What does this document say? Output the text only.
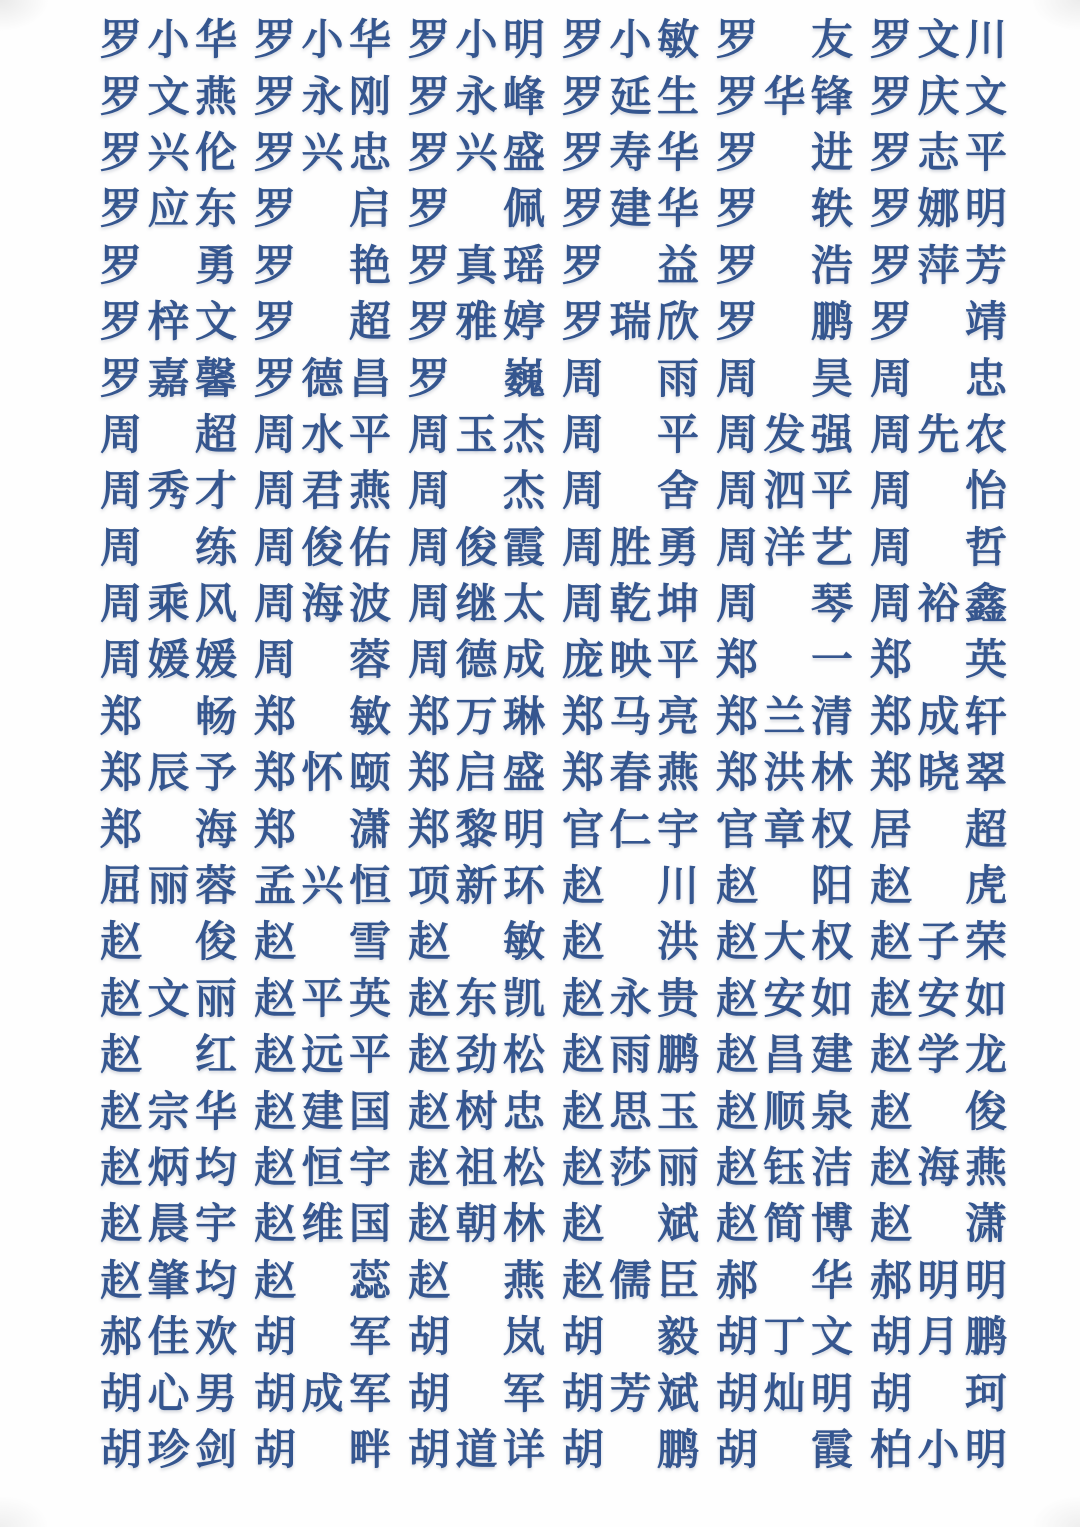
罗 小 华 罗 小 华 罗 小 明 罗 小 敏 罗 友 罗 文 川
罗 文 燕 罗 永 刚 罗 永 峰 罗 延 生 罗 华 锋 罗 庆 文
罗 兴 伦 罗 兴 忠 罗 兴 盛 罗 寿 华 罗 进 罗 志 平
罗 应 东 罗 启 罗 佩 罗 建 华 罗 轶 罗 娜 明
罗 勇 罗 艳 罗 真 瑶 罗 益 罗 浩 罗 萍 芳
罗 梓 文 罗 超 罗 雅 婷 罗 瑞 欣 罗 鹏 罗 靖
罗 嘉 馨 罗 德 昌 罗 巍 周 雨 周 昊 周 忠
周 超 周 水 平 周 玉 杰 周 平 周 发 强 周 先 农
周 秀 才 周 君 燕 周 杰 周 舍 周 泗 平 周 怡
周 练 周 俊 佑 周 俊 霞 周 胜 勇 周 洋 艺 周 哲
周 乘 风 周 海 波 周 继 太 周 乾 坤 周 琴 周 裕 鑫
周 媛 媛 周 蓉 周 德 成 庞 映 平 郑 一 郑 英
郑 畅 郑 敏 郑 万 琳 郑 马 亮 郑 兰 清 郑 成 轩
郑 辰 予 郑 怀 颐 郑 启 盛 郑 春 燕 郑 洪 林 郑 晓 翠
郑 海 郑 潇 郑 黎 明 官 仁 宇 官 章 权 居 超
屈 丽 蓉 孟 兴 恒 项 新 环 赵 川 赵 阳 赵 虎
赵 俊 赵 雪 赵 敏 赵 洪 赵 大 权 赵 子 荣
赵 文 丽 赵 平 英 赵 东 凯 赵 永 贵 赵 安 如 赵 安 如
赵 红 赵 远 平 赵 劲 松 赵 雨 鹏 赵 昌 建 赵 学 龙
赵 宗 华 赵 建 国 赵 树 忠 赵 思 玉 赵 顺 泉 赵 俊
赵 炳 均 赵 恒 宇 赵 祖 松 赵 莎 丽 赵 钰 洁 赵 海 燕
赵 晨 宇 赵 维 国 赵 朝 林 赵 斌 赵 简 博 赵 潇
赵 肇 均 赵 蕊 赵 燕 赵 儒 臣 郝 华 郝 明 明
郝 佳 欢 胡 军 胡 岚 胡 毅 胡 丁 文 胡 月 鹏
胡 心 男 胡 成 军 胡 军 胡 芳 斌 胡 灿 明 胡 珂
胡 珍 剑 胡 畔 胡 道 详 胡 鹏 胡 霞 柏 小 明
